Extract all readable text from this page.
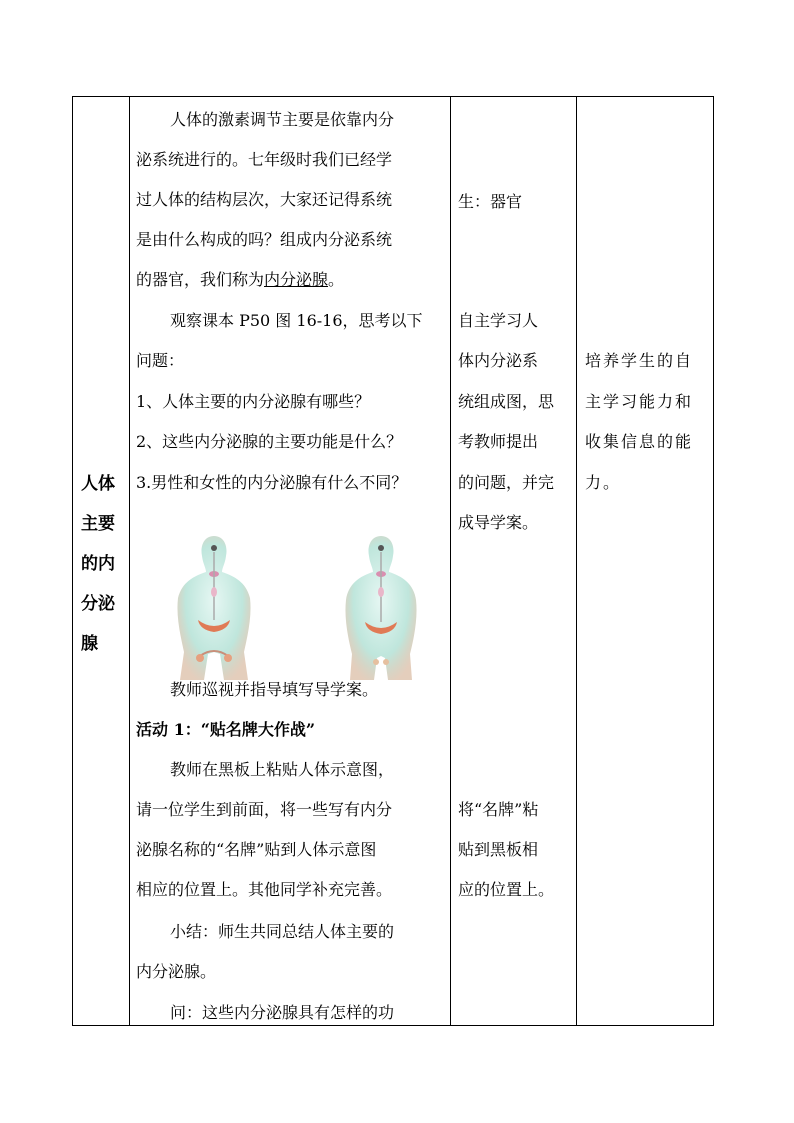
人体
主要
的内
分泌
腺
人体的激素调节主要是依靠内分
泌系统进行的。七年级时我们已经学
过人体的结构层次，大家还记得系统
是由什么构成的吗？组成内分泌系统
的器官，我们称为内分泌腺。
观察课本 P50 图 16-16，思考以下
问题：
1、人体主要的内分泌腺有哪些？
2、这些内分泌腺的主要功能是什么？
3.男性和女性的内分泌腺有什么不同？
教师巡视并指导填写导学案。
活动 1：“贴名牌大作战”
教师在黑板上粘贴人体示意图，
请一位学生到前面，将一些写有内分
泌腺名称的“名牌”贴到人体示意图
相应的位置上。其他同学补充完善。
小结：师生共同总结人体主要的
内分泌腺。
问：这些内分泌腺具有怎样的功
生：器官
自主学习人
体内分泌系
统组成图，思
考教师提出
的问题，并完
成导学案。
将“名牌”粘
贴到黑板相
应的位置上。
培养学生的自
主学习能力和
收集信息的能
力。
